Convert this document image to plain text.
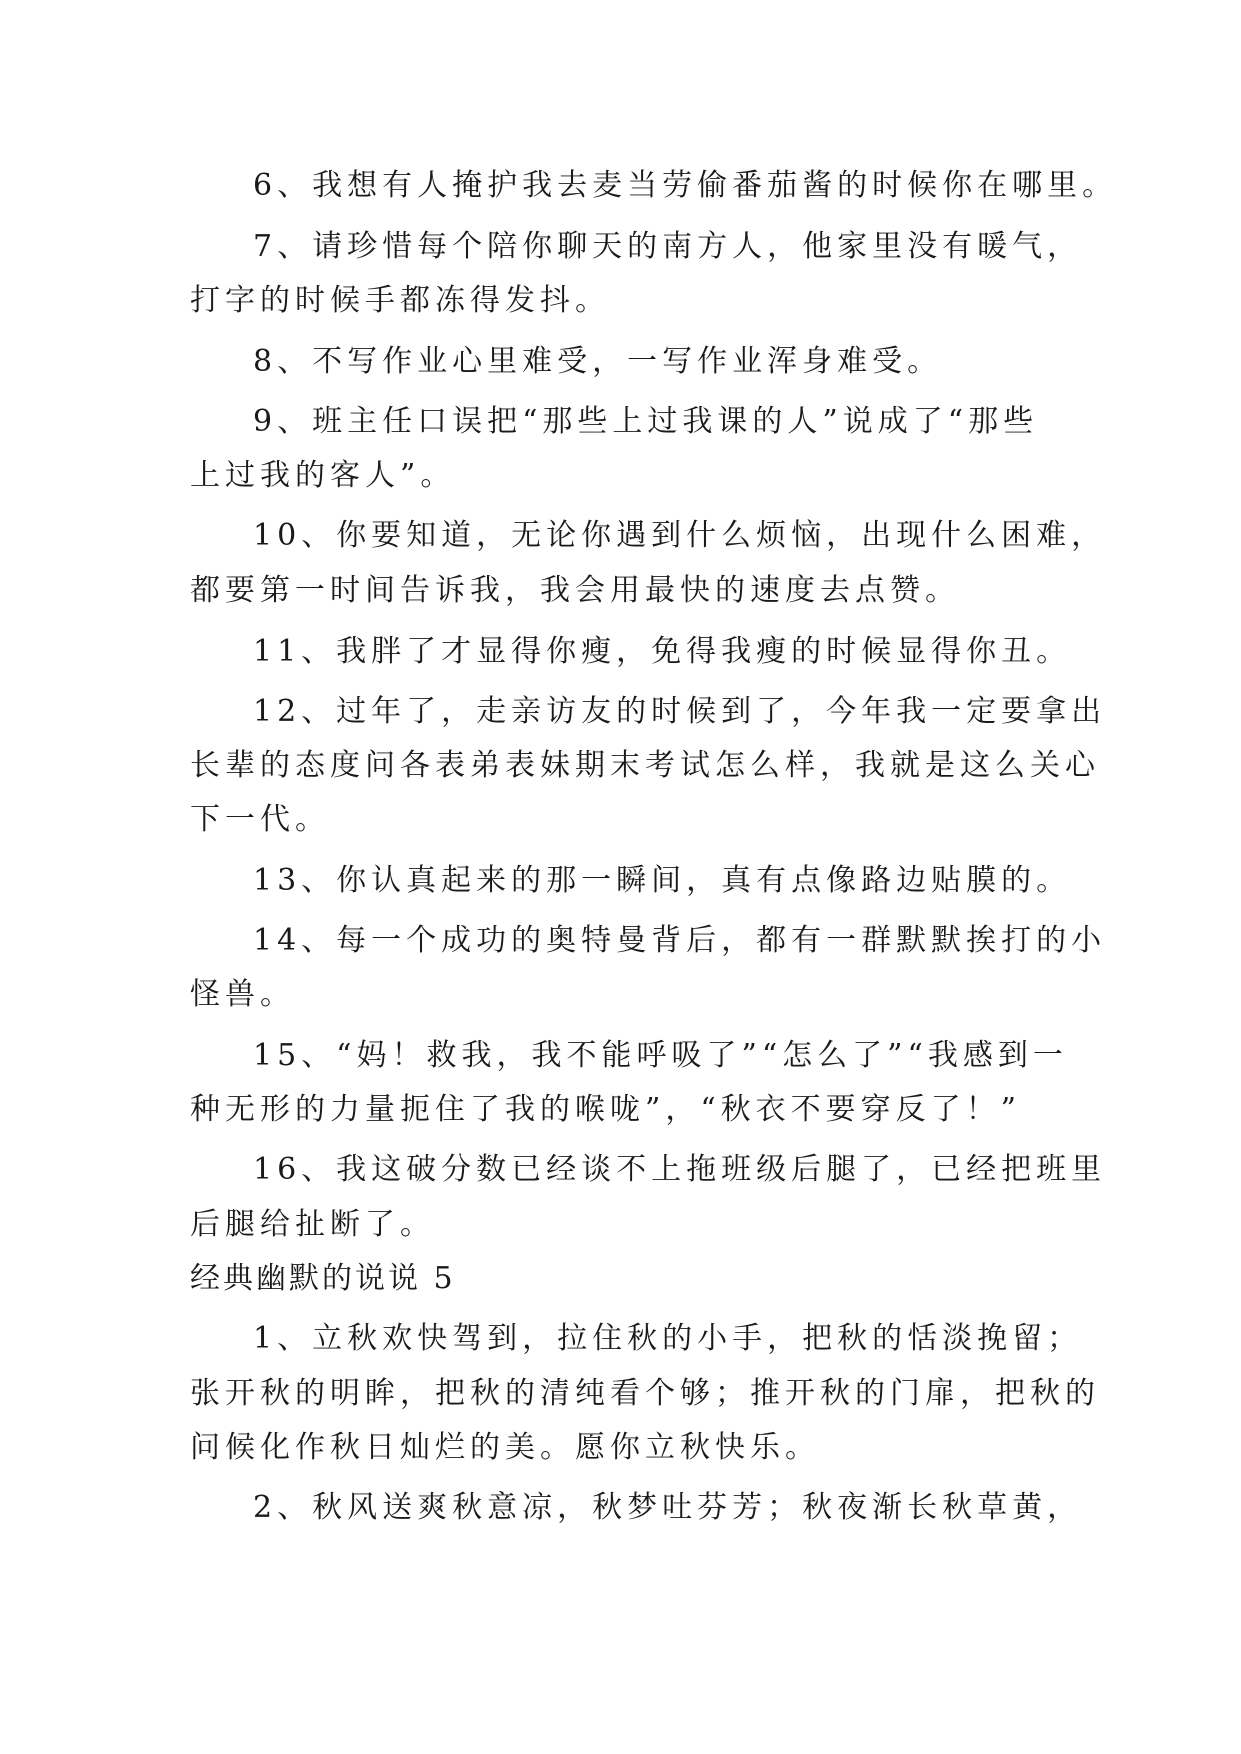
6、我想有人掩护我去麦当劳偷番茄酱的时候你在哪里。
7、请珍惜每个陪你聊天的南方人，他家里没有暖气，
打字的时候手都冻得发抖。
8、不写作业心里难受，一写作业浑身难受。
9、班主任口误把“那些上过我课的人”说成了“那些
上过我的客人”。
10、你要知道，无论你遇到什么烦恼，出现什么困难，
都要第一时间告诉我，我会用最快的速度去点赞。
11、我胖了才显得你瘦，免得我瘦的时候显得你丑。
12、过年了，走亲访友的时候到了，今年我一定要拿出
长辈的态度问各表弟表妹期末考试怎么样，我就是这么关心
下一代。
13、你认真起来的那一瞬间，真有点像路边贴膜的。
14、每一个成功的奥特曼背后，都有一群默默挨打的小
怪兽。
15、“妈！救我，我不能呼吸了”“怎么了”“我感到一
种无形的力量扼住了我的喉咙”，“秋衣不要穿反了！”
16、我这破分数已经谈不上拖班级后腿了，已经把班里
后腿给扯断了。
经典幽默的说说 5
1、立秋欢快驾到，拉住秋的小手，把秋的恬淡挽留；
张开秋的明眸，把秋的清纯看个够；推开秋的门扉，把秋的
问候化作秋日灿烂的美。愿你立秋快乐。
2、秋风送爽秋意凉，秋梦吐芬芳；秋夜渐长秋草黄，
